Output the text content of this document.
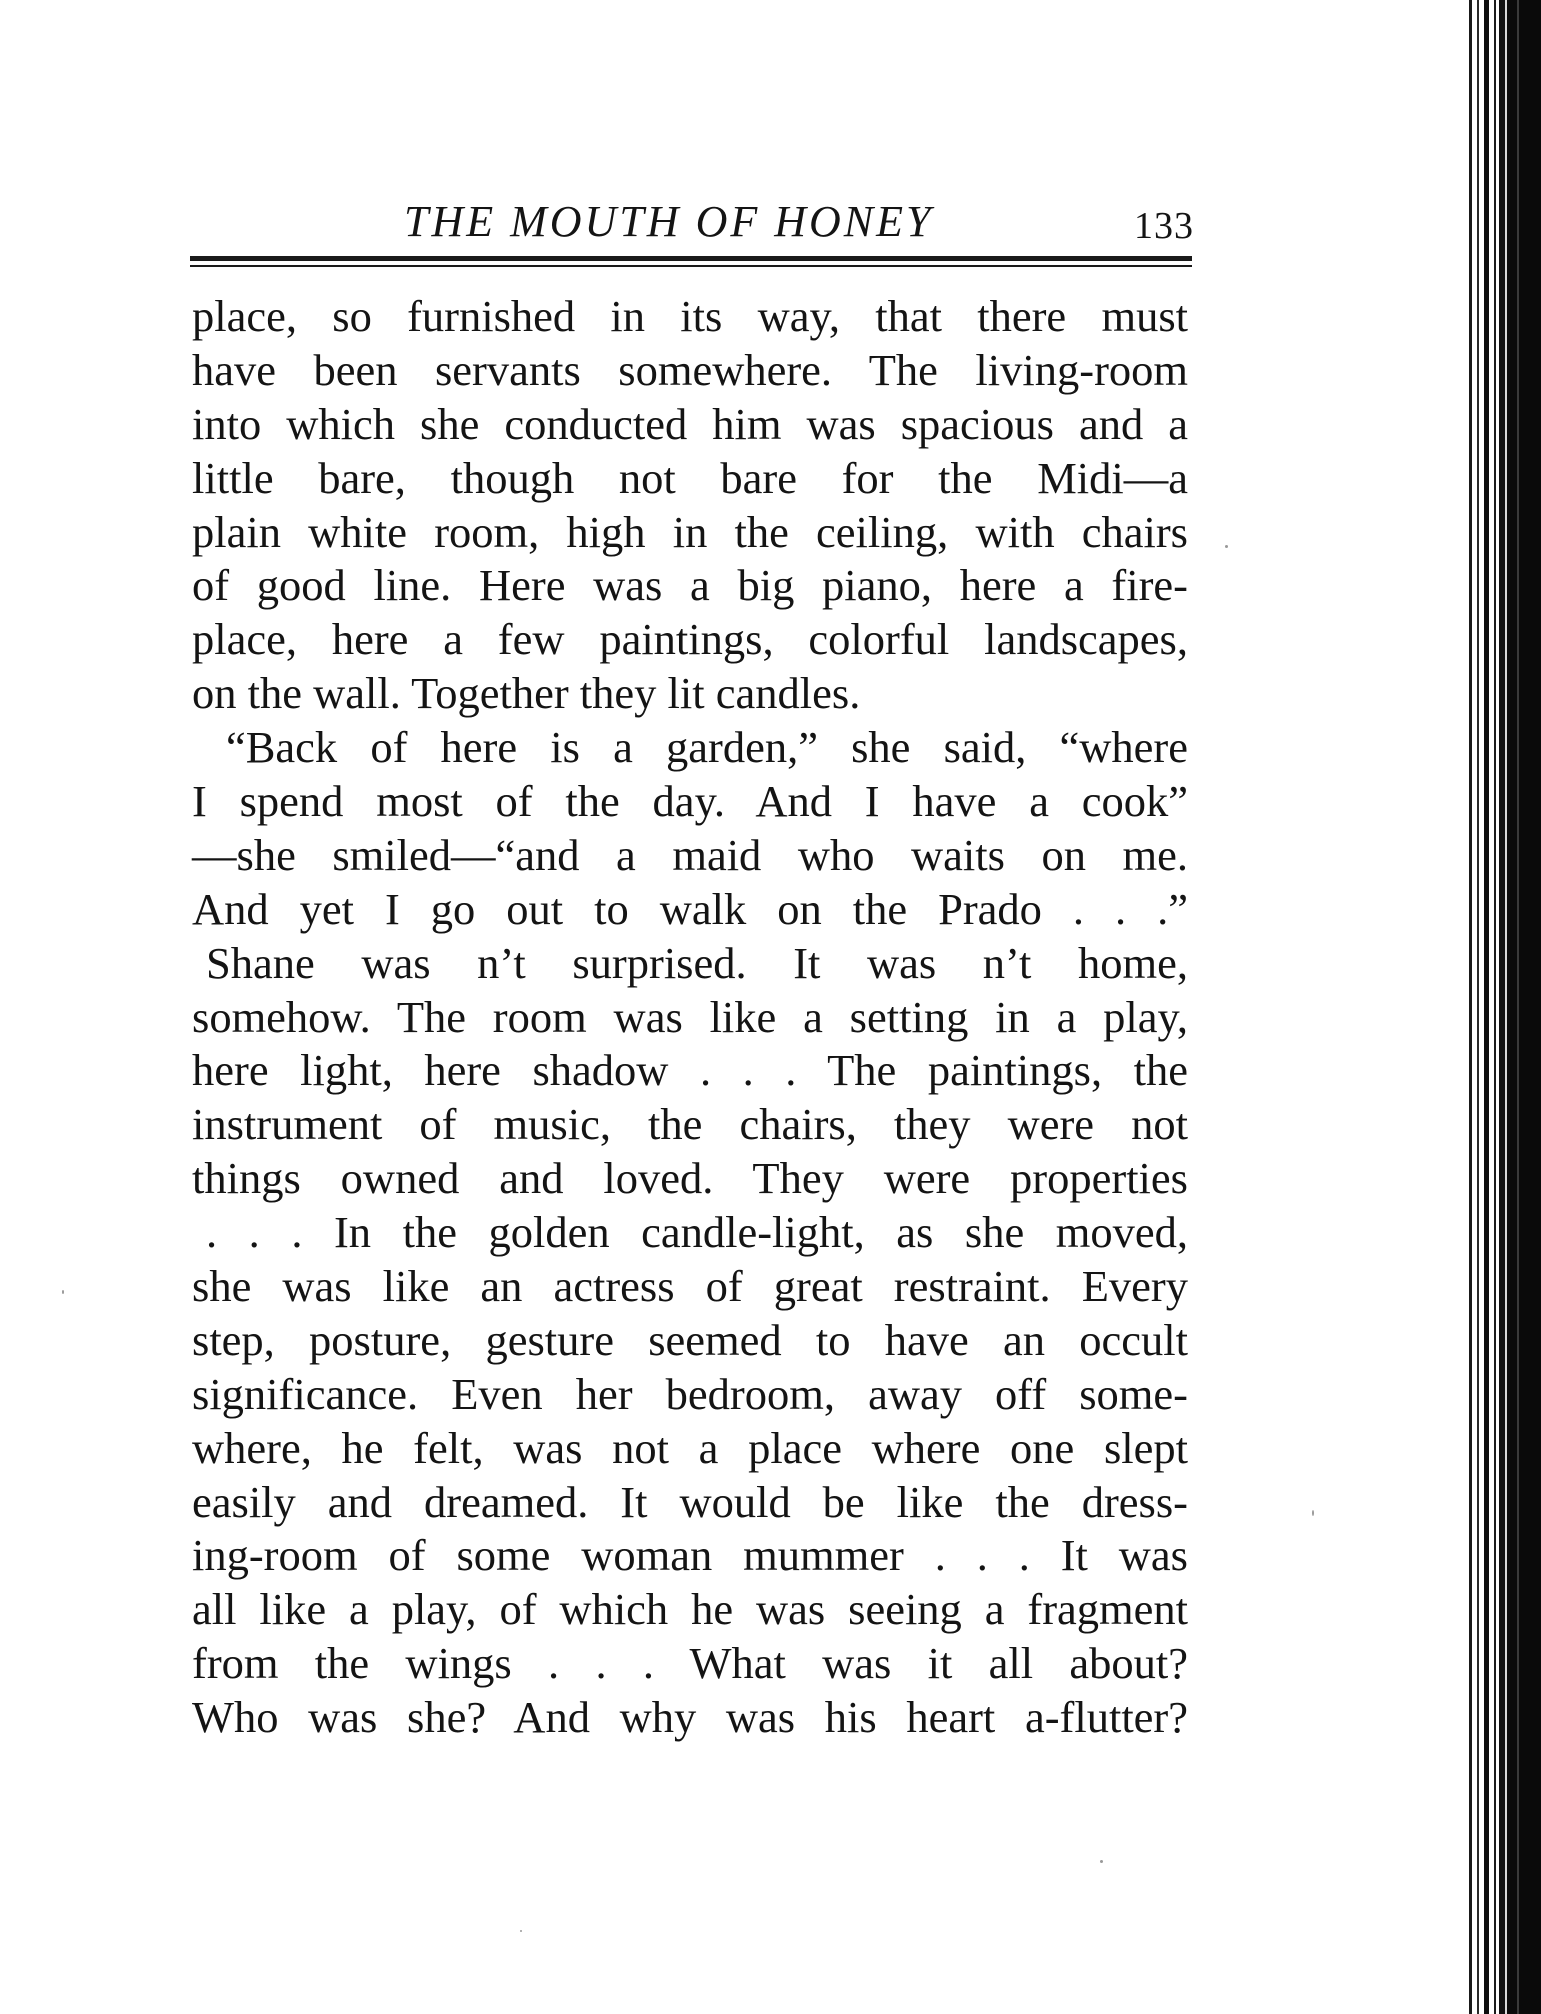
THE MOUTH OF HONEY	133
place, so furnished in its way, that there must
have been servants somewhere. The living-room
into which she conducted him was spacious and a
little bare, though not bare for the Midi—a
plain white room, high in the ceiling, with chairs
of good line. Here was a big piano, here a fire-
place, here a few paintings, colorful landscapes,
on the wall. Together they lit candles.
“Back of here is a garden,” she said, “where
I spend most of the day. And I have a cook”
—she smiled—“and a maid who waits on me.
And yet I go out to walk on the Prado . . .”
Shane was n’t surprised. It was n’t home,
somehow. The room was like a setting in a play,
here light, here shadow . . . The paintings, the
instrument of music, the chairs, they were not
things owned and loved. They were properties
. . . In the golden candle-light, as she moved,
she was like an actress of great restraint. Every
step, posture, gesture seemed to have an occult
significance. Even her bedroom, away off some-
where, he felt, was not a place where one slept
easily and dreamed. It would be like the dress-
ing-room of some woman mummer . . . It was
all like a play, of which he was seeing a fragment
from the wings . . . What was it all about?
Who was she? And why was his heart a-flutter?
